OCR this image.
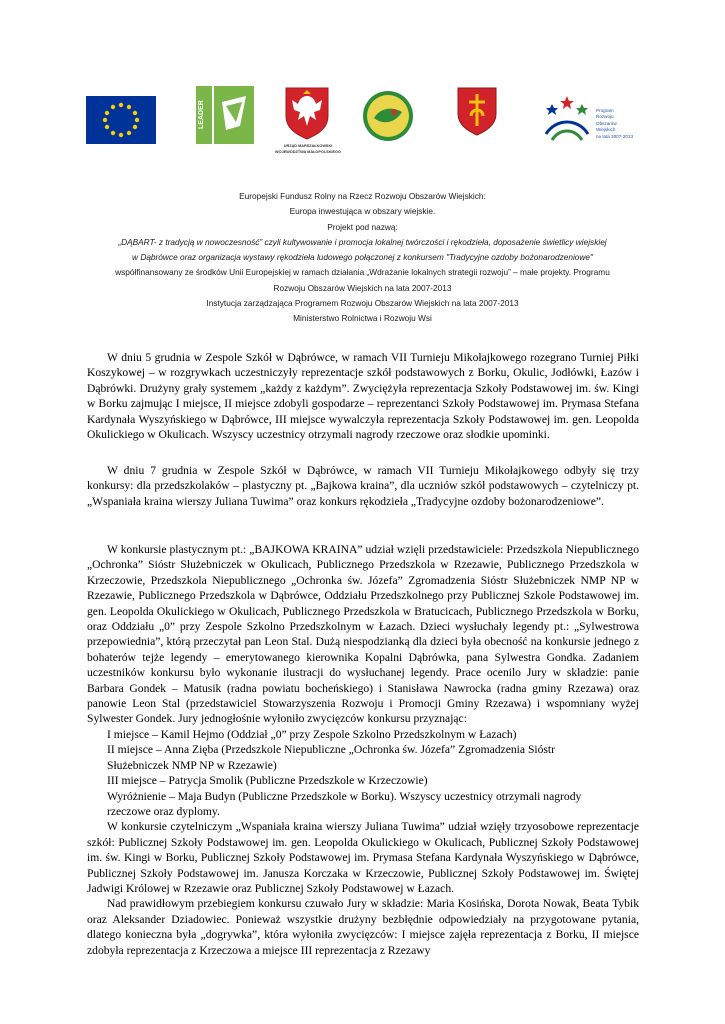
LEADER
URZĄD MARSZAŁKOWSKI
WOJEWÓDZTWA MAŁOPOLSKIEGO
Program
Rozwoju
Obszarów
Wiejskich
na lata 2007-2013

Europejski Fundusz Rolny na Rzecz Rozwoju Obszarów Wiejskich:

Europa inwestująca w obszary wiejskie.

Projekt pod nazwą:

„DĄBART- z tradycją w nowoczesność” czyli kultywowanie i promocja lokalnej twórczości i rękodzieła, doposażenie świetlicy wiejskiej

w Dąbrówce oraz organizacja wystawy rękodzieła ludowego połączonej z konkursem "Tradycyjne ozdoby bożonarodzeniowe"

współfinansowany ze środków Unii Europejskiej w ramach działania „Wdrażanie lokalnych strategii rozwoju” – małe projekty. Programu

Rozwoju Obszarów Wiejskich na lata 2007-2013

Instytucja zarządzająca Programem Rozwoju Obszarów Wiejskich na lata 2007-2013

Ministerstwo Rolnictwa i Rozwoju Wsi

W dniu 5 grudnia w Zespole Szkół w Dąbrówce, w ramach VII Turnieju Mikołajkowego rozegrano Turniej Piłki Koszykowej – w rozgrywkach uczestniczyły reprezentacje szkół podstawowych z Borku, Okulic, Jodłówki, Łazów i Dąbrówki. Drużyny grały systemem „każdy z każdym”. Zwyciężyła reprezentacja Szkoły Podstawowej im. św. Kingi w Borku zajmując I miejsce, II miejsce zdobyli gospodarze – reprezentanci Szkoły Podstawowej im. Prymasa Stefana Kardynała Wyszyńskiego w Dąbrówce, III miejsce wywalczyła reprezentacja Szkoły Podstawowej im. gen. Leopolda Okulickiego w Okulicach. Wszyscy uczestnicy otrzymali nagrody rzeczowe oraz słodkie upominki.

W dniu 7 grudnia w Zespole Szkół w Dąbrówce, w ramach VII Turnieju Mikołajkowego odbyły się trzy konkursy: dla przedszkolaków – plastyczny pt. „Bajkowa kraina”, dla uczniów szkół podstawowych – czytelniczy pt. „Wspaniała kraina wierszy Juliana Tuwima” oraz konkurs rękodzieła „Tradycyjne ozdoby bożonarodzeniowe”.

W konkursie plastycznym pt.: „BAJKOWA KRAINA” udział wzięli przedstawiciele: Przedszkola Niepublicznego „Ochronka” Sióstr Służebniczek w Okulicach, Publicznego Przedszkola w Rzezawie, Publicznego Przedszkola w Krzeczowie, Przedszkola Niepublicznego „Ochronka św. Józefa” Zgromadzenia Sióstr Służebniczek NMP NP w Rzezawie, Publicznego Przedszkola w Dąbrówce, Oddziału Przedszkolnego przy Publicznej Szkole Podstawowej im. gen. Leopolda Okulickiego w Okulicach, Publicznego Przedszkola w Bratucicach, Publicznego Przedszkola w Borku, oraz Oddziału „0” przy Zespole Szkolno Przedszkolnym w Łazach. Dzieci wysłuchały legendy pt.: „Sylwestrowa przepowiednia”, którą przeczytał pan Leon Stal. Dużą niespodzianką dla dzieci była obecność na konkursie jednego z bohaterów tejże legendy – emerytowanego kierownika Kopalni Dąbrówka, pana Sylwestra Gondka. Zadaniem uczestników konkursu było wykonanie ilustracji do wysłuchanej legendy. Prace ocenilo Jury w składzie: panie Barbara Gondek – Matusik (radna powiatu bocheńskiego) i Stanisława Nawrocka (radna gminy Rzezawa) oraz panowie Leon Stal (przedstawiciel Stowarzyszenia Rozwoju i Promocji Gminy Rzezawa) i wspomniany wyżej Sylwester Gondek. Jury jednogłośnie wyłoniło zwycięzców konkursu przyznając:

I miejsce – Kamil Hejmo (Oddział „0” przy Zespole Szkolno Przedszkolnym w Łazach)

II miejsce – Anna Zięba (Przedszkole Niepubliczne „Ochronka św. Józefa” Zgromadzenia Sióstr
Służebniczek NMP NP w Rzezawie)

III miejsce – Patrycja Smolik (Publiczne Przedszkole w Krzeczowie)

Wyróżnienie – Maja Budyn (Publiczne Przedszkole w Borku). Wszyscy uczestnicy otrzymali nagrody
rzeczowe oraz dyplomy.

W konkursie czytelniczym „Wspaniała kraina wierszy Juliana Tuwima” udział wzięły trzyosobowe reprezentacje szkół: Publicznej Szkoły Podstawowej im. gen. Leopolda Okulickiego w Okulicach, Publicznej Szkoły Podstawowej im. św. Kingi w Borku, Publicznej Szkoły Podstawowej im. Prymasa Stefana Kardynała Wyszyńskiego w Dąbrówce, Publicznej Szkoły Podstawowej im. Janusza Korczaka w Krzeczowie, Publicznej Szkoły Podstawowej im. Świętej Jadwigi Królowej w Rzezawie oraz Publicznej Szkoły Podstawowej w Łazach.

Nad prawidłowym przebiegiem konkursu czuwało Jury w składzie: Maria Kosińska, Dorota Nowak, Beata Tybik oraz Aleksander Dziadowiec. Ponieważ wszystkie drużyny bezbłędnie odpowiedziały na przygotowane pytania, dlatego konieczna była „dogrywka”, która wyłoniła zwycięzców: I miejsce zajęła reprezentacja z Borku, II miejsce zdobyła reprezentacja z Krzeczowa a miejsce III reprezentacja z Rzezawy
